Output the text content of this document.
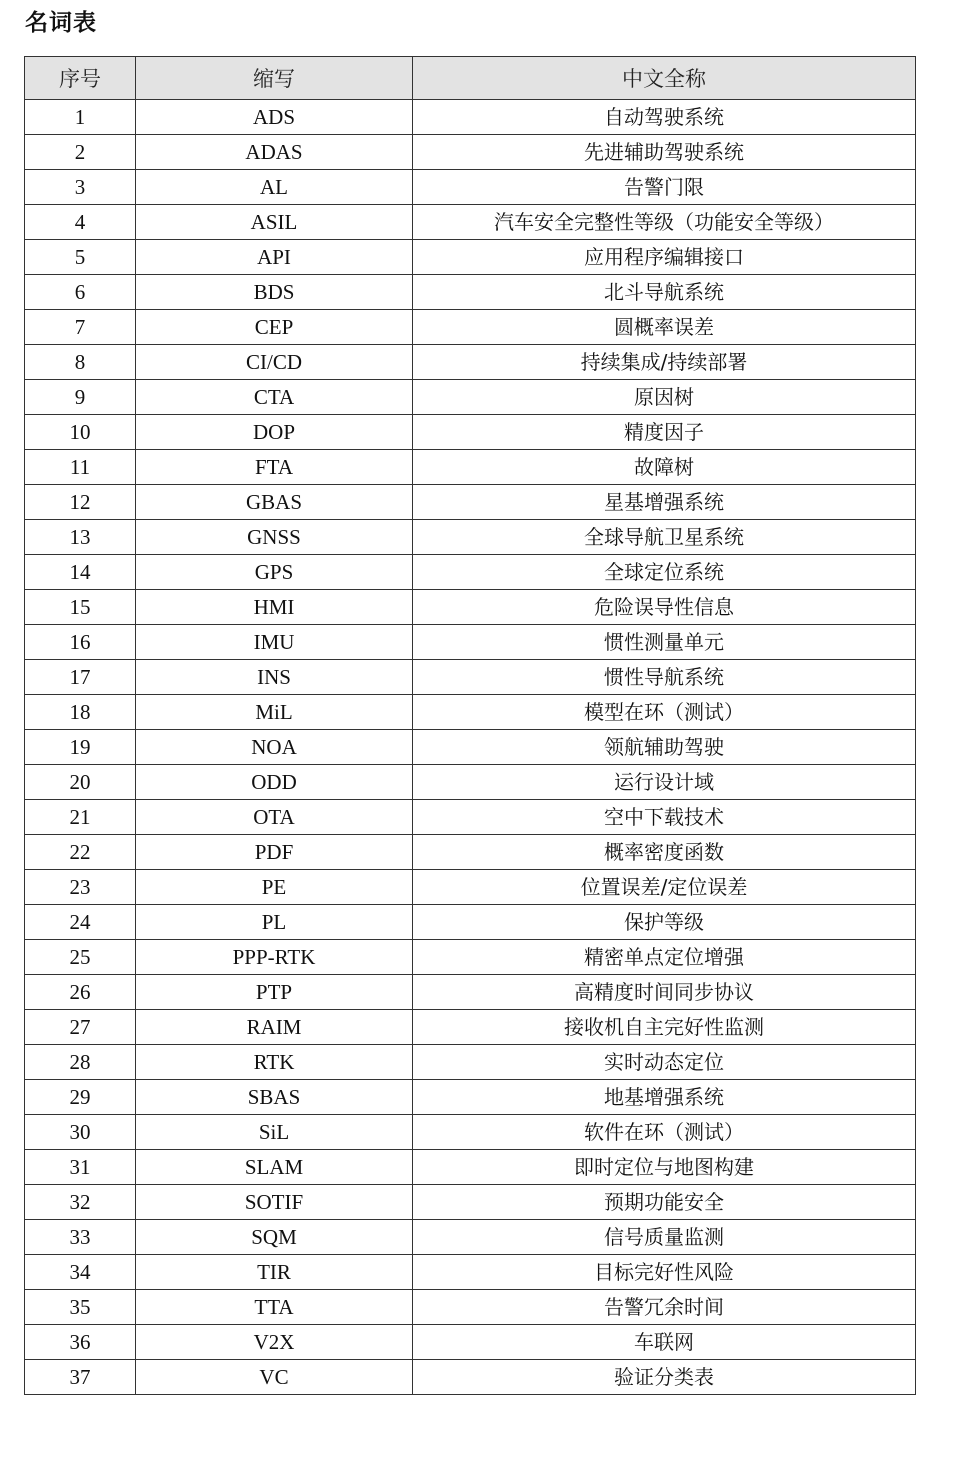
名词表
序号	缩写	中文全称
1	ADS	自动驾驶系统
2	ADAS	先进辅助驾驶系统
3	AL	告警门限
4	ASIL	汽车安全完整性等级（功能安全等级）
5	API	应用程序编辑接口
6	BDS	北斗导航系统
7	CEP	圆概率误差
8	CI/CD	持续集成/持续部署
9	CTA	原因树
10	DOP	精度因子
11	FTA	故障树
12	GBAS	星基增强系统
13	GNSS	全球导航卫星系统
14	GPS	全球定位系统
15	HMI	危险误导性信息
16	IMU	惯性测量单元
17	INS	惯性导航系统
18	MiL	模型在环（测试）
19	NOA	领航辅助驾驶
20	ODD	运行设计域
21	OTA	空中下载技术
22	PDF	概率密度函数
23	PE	位置误差/定位误差
24	PL	保护等级
25	PPP-RTK	精密单点定位增强
26	PTP	高精度时间同步协议
27	RAIM	接收机自主完好性监测
28	RTK	实时动态定位
29	SBAS	地基增强系统
30	SiL	软件在环（测试）
31	SLAM	即时定位与地图构建
32	SOTIF	预期功能安全
33	SQM	信号质量监测
34	TIR	目标完好性风险
35	TTA	告警冗余时间
36	V2X	车联网
37	VC	验证分类表
